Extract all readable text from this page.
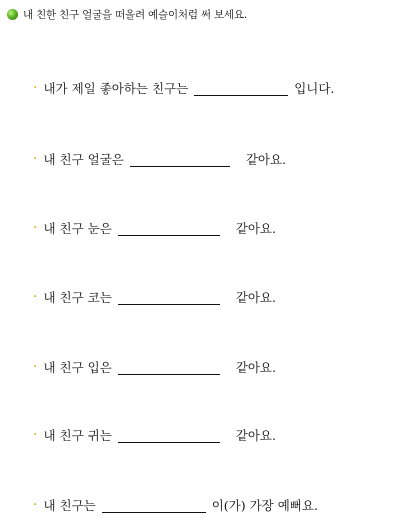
내 친한 친구 얼굴을 떠올려 예슬이처럼 써 보세요.
· 내가 제일 좋아하는 친구는	입니다.
· 내 친구 얼굴은	같아요.
· 내 친구 눈은	같아요.
· 내 친구 코는	같아요.
· 내 친구 입은	같아요.
· 내 친구 귀는	같아요.
· 내 친구는	이(가) 가장 예뻐요.
